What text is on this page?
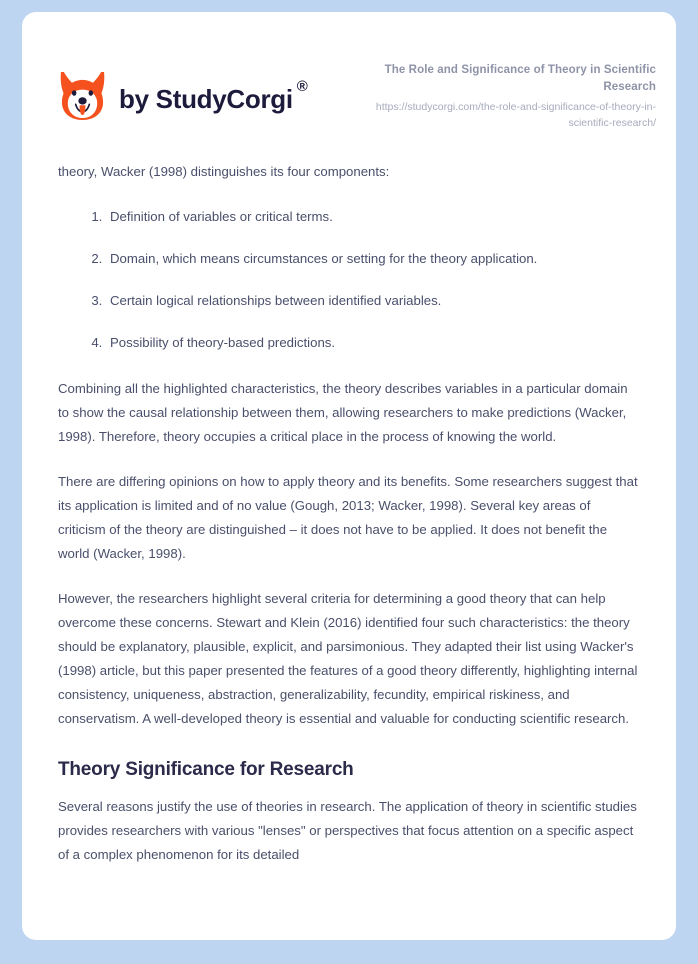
by StudyCorgi ®
The Role and Significance of Theory in Scientific Research
https://studycorgi.com/the-role-and-significance-of-theory-in-scientific-research/

theory, Wacker (1998) distinguishes its four components:

1. Definition of variables or critical terms.
2. Domain, which means circumstances or setting for the theory application.
3. Certain logical relationships between identified variables.
4. Possibility of theory-based predictions.

Combining all the highlighted characteristics, the theory describes variables in a particular domain to show the causal relationship between them, allowing researchers to make predictions (Wacker, 1998). Therefore, theory occupies a critical place in the process of knowing the world.

There are differing opinions on how to apply theory and its benefits. Some researchers suggest that its application is limited and of no value (Gough, 2013; Wacker, 1998). Several key areas of criticism of the theory are distinguished – it does not have to be applied. It does not benefit the world (Wacker, 1998).

However, the researchers highlight several criteria for determining a good theory that can help overcome these concerns. Stewart and Klein (2016) identified four such characteristics: the theory should be explanatory, plausible, explicit, and parsimonious. They adapted their list using Wacker's (1998) article, but this paper presented the features of a good theory differently, highlighting internal consistency, uniqueness, abstraction, generalizability, fecundity, empirical riskiness, and conservatism. A well-developed theory is essential and valuable for conducting scientific research.

Theory Significance for Research

Several reasons justify the use of theories in research. The application of theory in scientific studies provides researchers with various "lenses" or perspectives that focus attention on a specific aspect of a complex phenomenon for its detailed
